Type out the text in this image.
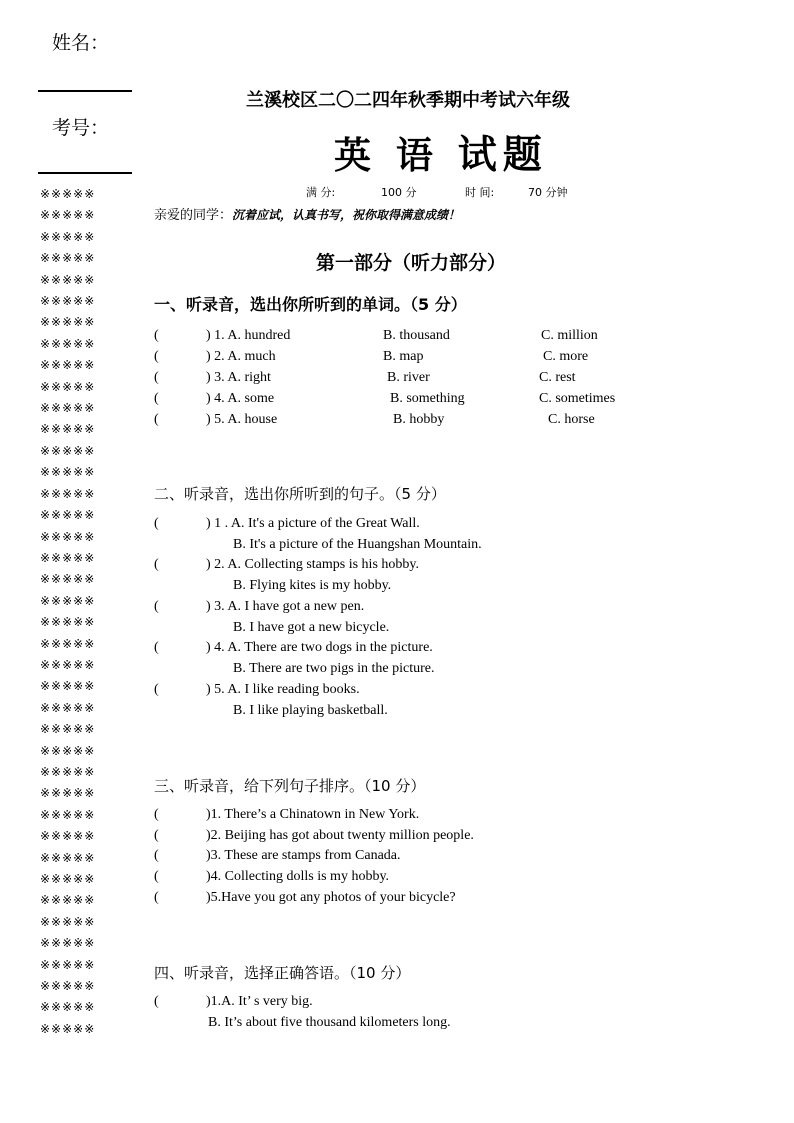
姓名：
考号：
※※※※※
※※※※※
※※※※※
※※※※※
※※※※※
※※※※※
※※※※※
※※※※※
※※※※※
※※※※※
※※※※※
※※※※※
※※※※※
※※※※※
※※※※※
※※※※※
※※※※※
※※※※※
※※※※※
※※※※※
※※※※※
※※※※※
※※※※※
※※※※※
※※※※※
※※※※※
※※※※※
※※※※※
※※※※※
※※※※※
※※※※※
※※※※※
※※※※※
※※※※※
※※※※※
※※※※※
※※※※※
※※※※※
※※※※※
※※※※※
兰溪校区二〇二四年秋季期中考试六年级
英 语 试题
满 分:	100 分	时 间:	70 分钟
亲爱的同学：沉着应试，认真书写，祝你取得满意成绩！
第一部分（听力部分）
一、听录音，选出你所听到的单词。（5 分）
(	) 1. A. hundred	B. thousand	C. million
(	) 2. A. much	B. map	C. more
(	) 3. A. right	B. river	C. rest
(	) 4. A. some	B. something	C. sometimes
(	) 5. A. house	B. hobby	C. horse
二、听录音，选出你所听到的句子。（5 分）
(	) 1 . A. It's a picture of the Great Wall.
B. It's a picture of the Huangshan Mountain.
(	) 2. A. Collecting stamps is his hobby.
B. Flying kites is my hobby.
(	) 3. A. I have got a new pen.
B. I have got a new bicycle.
(	) 4. A. There are two dogs in the picture.
B. There are two pigs in the picture.
(	) 5. A. I like reading books.
B. I like playing basketball.
三、听录音，给下列句子排序。（10 分）
(	)1. There’s a Chinatown in New York.
(	)2. Beijing has got about twenty million people.
(	)3. These are stamps from Canada.
(	)4. Collecting dolls is my hobby.
(	)5.Have you got any photos of your bicycle?
四、听录音，选择正确答语。（10 分）
(	)1.A. It’ s very big.
B. It’s about five thousand kilometers long.
